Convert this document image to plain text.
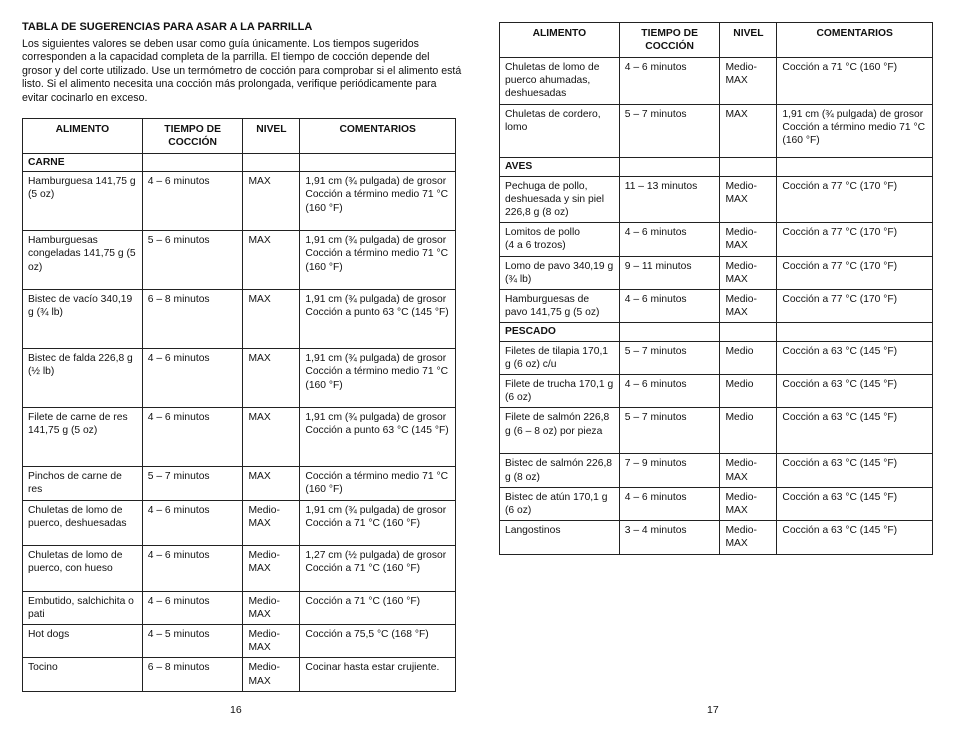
TABLA DE SUGERENCIAS PARA ASAR A LA PARRILLA
Los siguientes valores se deben usar como guía únicamente. Los tiempos sugeridos corresponden a la capacidad completa de la parrilla. El tiempo de cocción depende del grosor y del corte utilizado. Use un termómetro de cocción para comprobar si el alimento está listo. Si el alimento necesita una cocción más prolongada, verifique periódicamente para evitar cocinarlo en exceso.
ALIMENTO	TIEMPO DE COCCIÓN	NIVEL	COMENTARIOS
CARNE			
Hamburguesa 141,75 g (5 oz)	4 – 6 minutos	MAX	1,91 cm (¾ pulgada) de grosor
Cocción a término medio 71 °C (160 °F)
Hamburguesas congeladas 141,75 g (5 oz)	5 – 6 minutos	MAX	1,91 cm (¾ pulgada) de grosor
Cocción a término medio 71 °C (160 °F)
Bistec de vacío 340,19 g (¾ lb)	6 – 8 minutos	MAX	1,91 cm (¾ pulgada) de grosor
Cocción a punto 63 °C (145 °F)
Bistec de falda 226,8 g (½ lb)	4 – 6 minutos	MAX	1,91 cm (¾ pulgada) de grosor
Cocción a término medio 71 °C (160 °F)
Filete de carne de res 141,75 g (5 oz)	4 – 6 minutos	MAX	1,91 cm (¾ pulgada) de grosor
Cocción a punto 63 °C (145 °F)
Pinchos de carne de res	5 – 7 minutos	MAX	Cocción a término medio 71 °C (160 °F)
Chuletas de lomo de puerco, deshuesadas	4 – 6 minutos	Medio-MAX	1,91 cm (¾ pulgada) de grosor
Cocción a 71 °C (160 °F)
Chuletas de lomo de puerco, con hueso	4 – 6 minutos	Medio-MAX	1,27 cm (½ pulgada) de grosor
Cocción a 71 °C (160 °F)
Embutido, salchichita o pati	4 – 6 minutos	Medio-MAX	Cocción a 71 °C (160 °F)
Hot dogs	4 – 5 minutos	Medio-MAX	Cocción a 75,5 °C (168 °F)
Tocino	6 – 8 minutos	Medio-MAX	Cocinar hasta estar crujiente.
16
ALIMENTO	TIEMPO DE COCCIÓN	NIVEL	COMENTARIOS
Chuletas de lomo de puerco ahumadas, deshuesadas	4 – 6 minutos	Medio-MAX	Cocción a 71 °C (160 °F)
Chuletas de cordero, lomo	5 – 7 minutos	MAX	1,91 cm (¾ pulgada) de grosor
Cocción a término medio 71 °C (160 °F)
AVES			
Pechuga de pollo, deshuesada y sin piel 226,8 g (8 oz)	11 – 13 minutos	Medio-MAX	Cocción a 77 °C (170 °F)
Lomitos de pollo
(4 a 6 trozos)	4 – 6 minutos	Medio-MAX	Cocción a 77 °C (170 °F)
Lomo de pavo 340,19 g (¾ lb)	9 – 11 minutos	Medio-MAX	Cocción a 77 °C (170 °F)
Hamburguesas de pavo 141,75 g (5 oz)	4 – 6 minutos	Medio-MAX	Cocción a 77 °C (170 °F)
PESCADO			
Filetes de tilapia 170,1 g (6 oz) c/u	5 – 7 minutos	Medio	Cocción a 63 °C (145 °F)
Filete de trucha 170,1 g (6 oz)	4 – 6 minutos	Medio	Cocción a 63 °C (145 °F)
Filete de salmón 226,8 g (6 – 8 oz) por pieza	5 – 7 minutos	Medio	Cocción a 63 °C (145 °F)
Bistec de salmón 226,8 g (8 oz)	7 – 9 minutos	Medio-MAX	Cocción a 63 °C (145 °F)
Bistec de atún 170,1 g (6 oz)	4 – 6 minutos	Medio-MAX	Cocción a 63 °C (145 °F)
Langostinos	3 – 4 minutos	Medio-MAX	Cocción a 63 °C (145 °F)
17
